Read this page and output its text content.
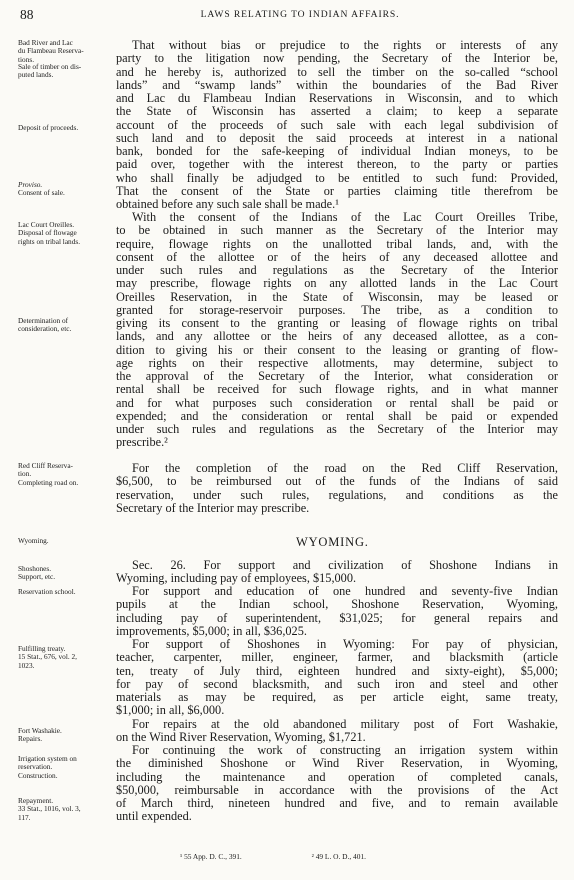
88	LAWS RELATING TO INDIAN AFFAIRS.
Bad River and Lac
du Flambeau Reserva-
tions.
Sale of timber on dis-
puted lands.
Deposit of proceeds.
Proviso.
Consent of sale.
Lac Court Oreilles.
Disposal of flowage
rights on tribal lands.
Determination of
consideration, etc.
Red Cliff Reserva-
tion.
Completing road on.
Wyoming.
Shoshones.
Support, etc.
Reservation school.
Fulfilling treaty.
15 Stat., 676, vol. 2,
1023.
Fort Washakie.
Repairs.
Irrigation system on
reservation.
Construction.
Repayment.
33 Stat., 1016, vol. 3,
117.
That without bias or prejudice to the rights or interests of any
party to the litigation now pending, the Secretary of the Interior be,
and he hereby is, authorized to sell the timber on the so-called “school
lands” and “swamp lands” within the boundaries of the Bad River
and Lac du Flambeau Indian Reservations in Wisconsin, and to which
the State of Wisconsin has asserted a claim; to keep a separate
account of the proceeds of such sale with each legal subdivision of
such land and to deposit the said proceeds at interest in a national
bank, bonded for the safe-keeping of individual Indian moneys, to be
paid over, together with the interest thereon, to the party or parties
who shall finally be adjudged to be entitled to such fund: Provided,
That the consent of the State or parties claiming title therefrom be
obtained before any such sale shall be made.¹
With the consent of the Indians of the Lac Court Oreilles Tribe,
to be obtained in such manner as the Secretary of the Interior may
require, flowage rights on the unallotted tribal lands, and, with the
consent of the allottee or of the heirs of any deceased allottee and
under such rules and regulations as the Secretary of the Interior
may prescribe, flowage rights on any allotted lands in the Lac Court
Oreilles Reservation, in the State of Wisconsin, may be leased or
granted for storage-reservoir purposes. The tribe, as a condition to
giving its consent to the granting or leasing of flowage rights on tribal
lands, and any allottee or the heirs of any deceased allottee, as a con-
dition to giving his or their consent to the leasing or granting of flow-
age rights on their respective allotments, may determine, subject to
the approval of the Secretary of the Interior, what consideration or
rental shall be received for such flowage rights, and in what manner
and for what purposes such consideration or rental shall be paid or
expended; and the consideration or rental shall be paid or expended
under such rules and regulations as the Secretary of the Interior may
prescribe.²
For the completion of the road on the Red Cliff Reservation,
$6,500, to be reimbursed out of the funds of the Indians of said
reservation, under such rules, regulations, and conditions as the
Secretary of the Interior may prescribe.
Sec. 26. For support and civilization of Shoshone Indians in
Wyoming, including pay of employees, $15,000.
For support and education of one hundred and seventy-five Indian
pupils at the Indian school, Shoshone Reservation, Wyoming,
including pay of superintendent, $31,025; for general repairs and
improvements, $5,000; in all, $36,025.
For support of Shoshones in Wyoming: For pay of physician,
teacher, carpenter, miller, engineer, farmer, and blacksmith (article
ten, treaty of July third, eighteen hundred and sixty-eight), $5,000;
for pay of second blacksmith, and such iron and steel and other
materials as may be required, as per article eight, same treaty,
$1,000; in all, $6,000.
For repairs at the old abandoned military post of Fort Washakie,
on the Wind River Reservation, Wyoming, $1,721.
For continuing the work of constructing an irrigation system within
the diminished Shoshone or Wind River Reservation, in Wyoming,
including the maintenance and operation of completed canals,
$50,000, reimbursable in accordance with the provisions of the Act
of March third, nineteen hundred and five, and to remain available
until expended.
WYOMING.
¹ 55 App. D. C., 391.	² 49 L. O. D., 401.
